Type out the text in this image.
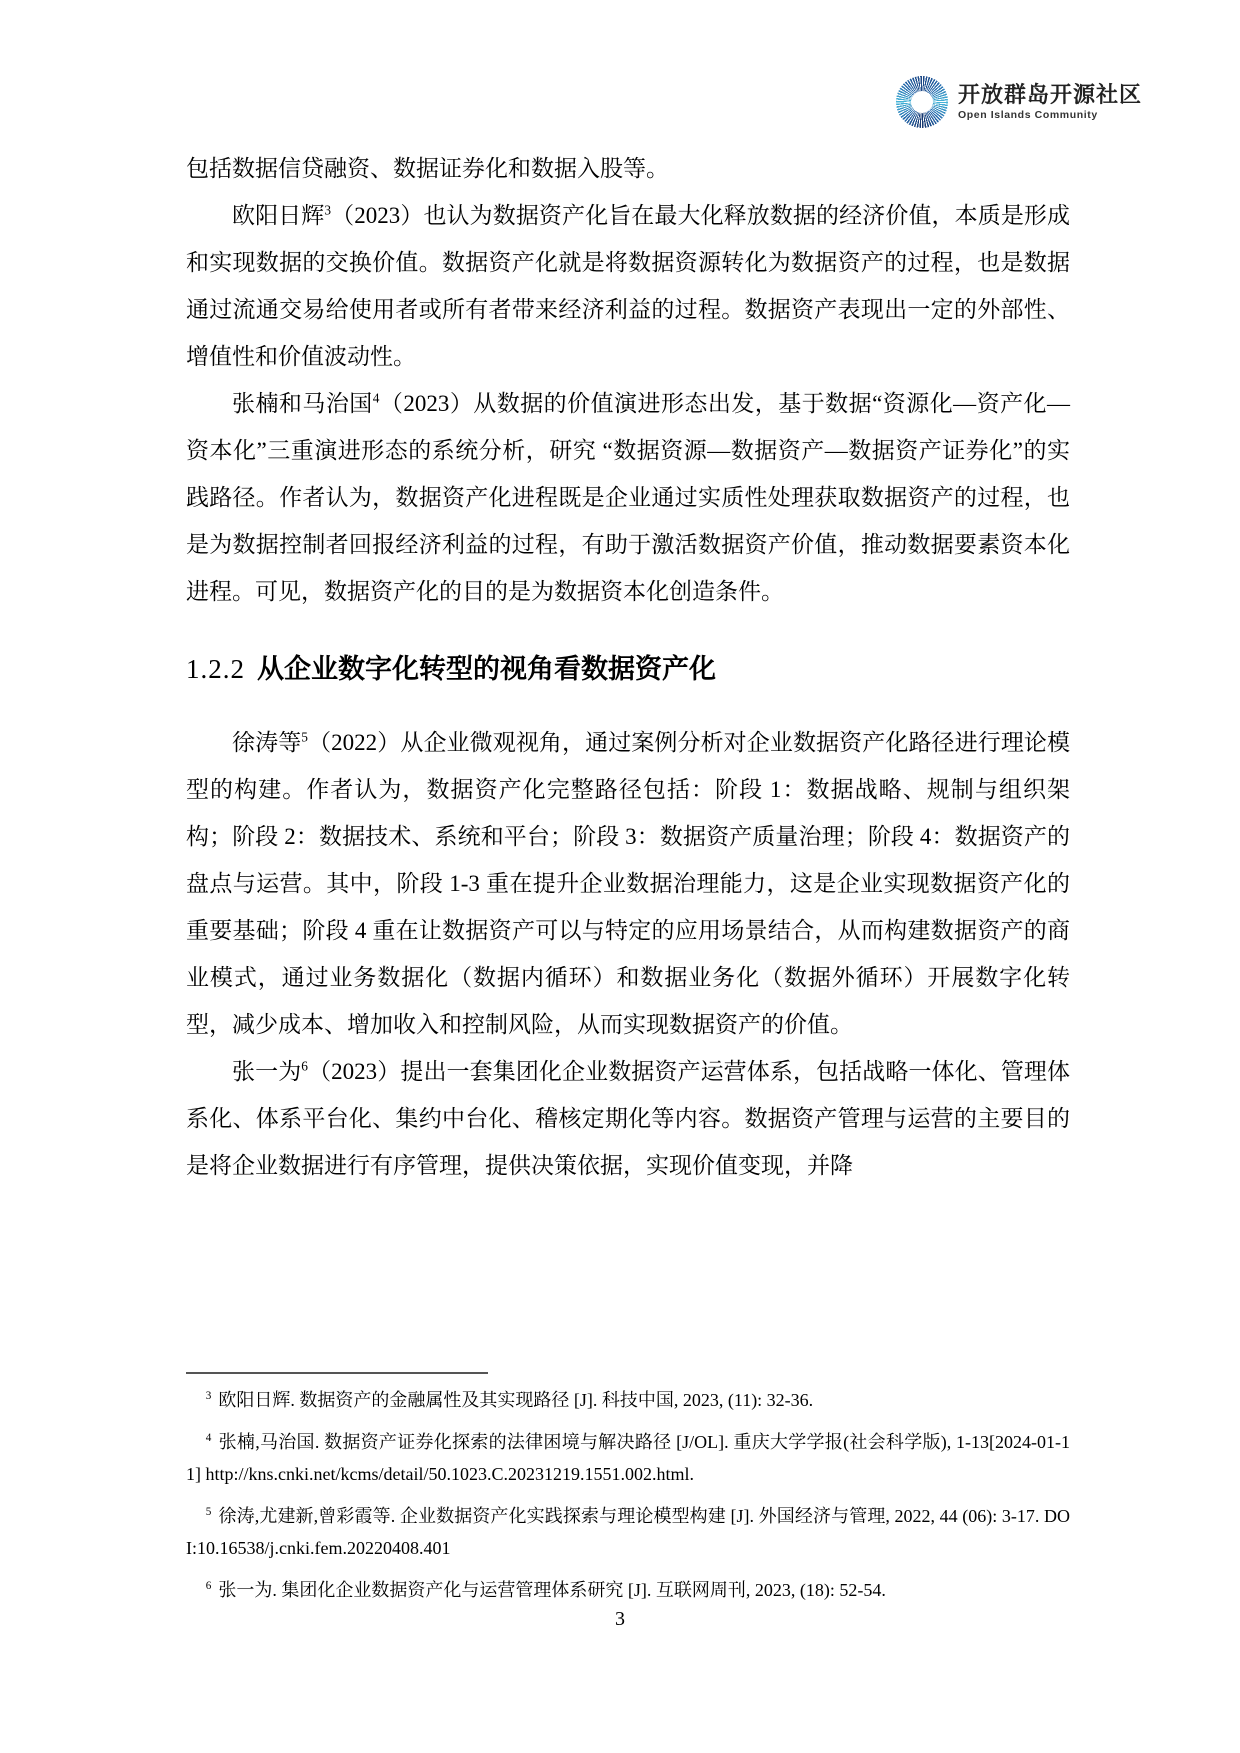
开放群岛开源社区
Open Islands Community

包括数据信贷融资、数据证券化和数据入股等。

欧阳日辉$^3$（2023）也认为数据资产化旨在最大化释放数据的经济价值，本质是形成和实现数据的交换价值。数据资产化就是将数据资源转化为数据资产的过程，也是数据通过流通交易给使用者或所有者带来经济利益的过程。数据资产表现出一定的外部性、增值性和价值波动性。

张楠和马治国$^4$（2023）从数据的价值演进形态出发，基于数据“资源化—资产化—资本化”三重演进形态的系统分析，研究 “数据资源—数据资产—数据资产证券化”的实践路径。作者认为，数据资产化进程既是企业通过实质性处理获取数据资产的过程，也是为数据控制者回报经济利益的过程，有助于激活数据资产价值，推动数据要素资本化进程。可见，数据资产化的目的是为数据资本化创造条件。

1.2.2 从企业数字化转型的视角看数据资产化

徐涛等$^5$（2022）从企业微观视角，通过案例分析对企业数据资产化路径进行理论模型的构建。作者认为，数据资产化完整路径包括：阶段 1：数据战略、规制与组织架构；阶段 2：数据技术、系统和平台；阶段 3：数据资产质量治理；阶段 4：数据资产的盘点与运营。其中，阶段 1-3 重在提升企业数据治理能力，这是企业实现数据资产化的重要基础；阶段 4 重在让数据资产可以与特定的应用场景结合，从而构建数据资产的商业模式，通过业务数据化（数据内循环）和数据业务化（数据外循环）开展数字化转型，减少成本、增加收入和控制风险，从而实现数据资产的价值。

张一为$^6$（2023）提出一套集团化企业数据资产运营体系，包括战略一体化、管理体系化、体系平台化、集约中台化、稽核定期化等内容。数据资产管理与运营的主要目的是将企业数据进行有序管理，提供决策依据，实现价值变现，并降

$^3$ 欧阳日辉. 数据资产的金融属性及其实现路径 [J]. 科技中国, 2023, (11): 32-36.

$^4$ 张楠,马治国. 数据资产证券化探索的法律困境与解决路径 [J/OL]. 重庆大学学报(社会科学版), 1-13[2024-01-11] http://kns.cnki.net/kcms/detail/50.1023.C.20231219.1551.002.html.

$^5$ 徐涛,尤建新,曾彩霞等. 企业数据资产化实践探索与理论模型构建 [J]. 外国经济与管理, 2022, 44 (06): 3-17. DOI:10.16538/j.cnki.fem.20220408.401

$^6$ 张一为. 集团化企业数据资产化与运营管理体系研究 [J]. 互联网周刊, 2023, (18): 52-54.

3
